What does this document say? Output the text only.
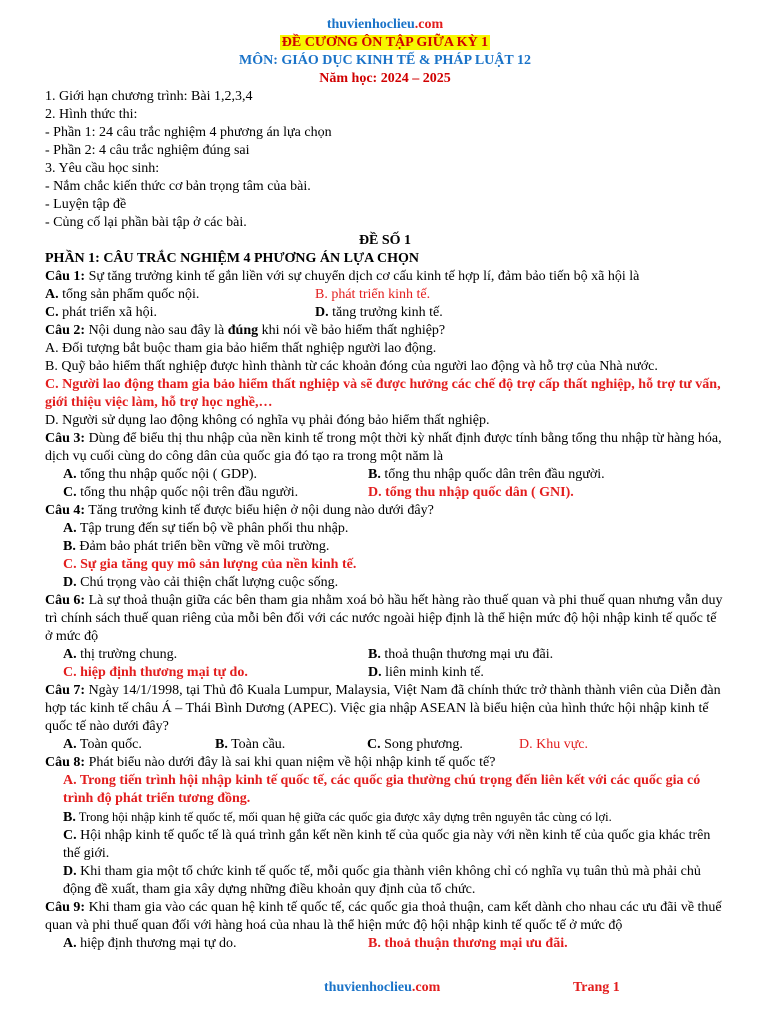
thuvienhoclieu.com
ĐỀ CƯƠNG ÔN TẬP GIỮA KỲ 1
MÔN: GIÁO DỤC KINH TẾ & PHÁP LUẬT 12
Năm học: 2024 – 2025
1. Giới hạn chương trình: Bài 1,2,3,4
2. Hình thức thi:
- Phần 1: 24 câu trắc nghiệm 4 phương án lựa chọn
- Phần 2: 4 câu trắc nghiệm đúng sai
3. Yêu cầu học sinh:
- Nắm chắc kiến thức cơ bản trọng tâm của bài.
- Luyện tập đề
- Củng cố lại phần bài tập ở các bài.
ĐỀ SỐ 1
PHẦN 1: CÂU TRẮC NGHIỆM 4 PHƯƠNG ÁN LỰA CHỌN
Câu 1: Sự tăng trưởng kinh tế gắn liền với sự chuyển dịch cơ cấu kinh tế hợp lí, đảm bảo tiến bộ xã hội là
A. tổng sản phẩm quốc nội.	B. phát triển kinh tế.
C. phát triển xã hội.	D. tăng trưởng kinh tế.
Câu 2: Nội dung nào sau đây là đúng khi nói về bảo hiểm thất nghiệp?
A. Đối tượng bắt buộc tham gia bảo hiểm thất nghiệp người lao động.
B. Quỹ bảo hiểm thất nghiệp được hình thành từ các khoản đóng của người lao động và hỗ trợ của Nhà nước.
C. Người lao động tham gia bảo hiểm thất nghiệp và sẽ được hưởng các chế độ trợ cấp thất nghiệp, hỗ trợ tư vấn, giới thiệu việc làm, hỗ trợ học nghề,…
D. Người sử dụng lao động không có nghĩa vụ phải đóng bảo hiểm thất nghiệp.
Câu 3: Dùng để biểu thị thu nhập của nền kinh tế trong một thời kỳ nhất định được tính bằng tổng thu nhập từ hàng hóa, dịch vụ cuối cùng do công dân của quốc gia đó tạo ra trong một năm là
A. tổng thu nhập quốc nội ( GDP).	B. tổng thu nhập quốc dân trên đầu người.
C. tổng thu nhập quốc nội trên đầu người.	D. tổng thu nhập quốc dân ( GNI).
Câu 4: Tăng trưởng kinh tế được biểu hiện ở nội dung nào dưới đây?
A. Tập trung đến sự tiến bộ về phân phối thu nhập.
B. Đảm bảo phát triển bền vững về môi trường.
C. Sự gia tăng quy mô sản lượng của nền kinh tế.
D. Chú trọng vào cải thiện chất lượng cuộc sống.
Câu 6: Là sự thoả thuận giữa các bên tham gia nhằm xoá bỏ hầu hết hàng rào thuế quan và phi thuế quan nhưng vẫn duy trì chính sách thuế quan riêng của mỗi bên đối với các nước ngoài hiệp định là thể hiện mức độ hội nhập kinh tế quốc tế ở mức độ
A. thị trường chung.	B. thoả thuận thương mại ưu đãi.
C. hiệp định thương mại tự do.	D. liên minh kinh tế.
Câu 7: Ngày 14/1/1998, tại Thủ đô Kuala Lumpur, Malaysia, Việt Nam đã chính thức trở thành thành viên của Diễn đàn hợp tác kinh tế châu Á – Thái Bình Dương (APEC). Việc gia nhập ASEAN là biểu hiện của hình thức hội nhập kinh tế quốc tế nào dưới đây?
A. Toàn quốc.	B. Toàn cầu.	C. Song phương.	D. Khu vực.
Câu 8: Phát biểu nào dưới đây là sai khi quan niệm về hội nhập kinh tế quốc tế?
A. Trong tiến trình hội nhập kinh tế quốc tế, các quốc gia thường chú trọng đến liên kết với các quốc gia có trình độ phát triển tương đồng.
B. Trong hội nhập kinh tế quốc tế, mối quan hệ giữa các quốc gia được xây dựng trên nguyên tắc cùng có lợi.
C. Hội nhập kinh tế quốc tế là quá trình gắn kết nền kinh tế của quốc gia này với nền kinh tế của quốc gia khác trên thế giới.
D. Khi tham gia một tổ chức kinh tế quốc tế, mỗi quốc gia thành viên không chỉ có nghĩa vụ tuân thủ mà phải chủ động đề xuất, tham gia xây dựng những điều khoản quy định của tổ chức.
Câu 9: Khi tham gia vào các quan hệ kinh tế quốc tế, các quốc gia thoả thuận, cam kết dành cho nhau các ưu đãi về thuế quan và phi thuế quan đối với hàng hoá của nhau là thể hiện mức độ hội nhập kinh tế quốc tế ở mức độ
A. hiệp định thương mại tự do.	B. thoả thuận thương mại ưu đãi.
thuvienhoclieu.com	Trang 1
